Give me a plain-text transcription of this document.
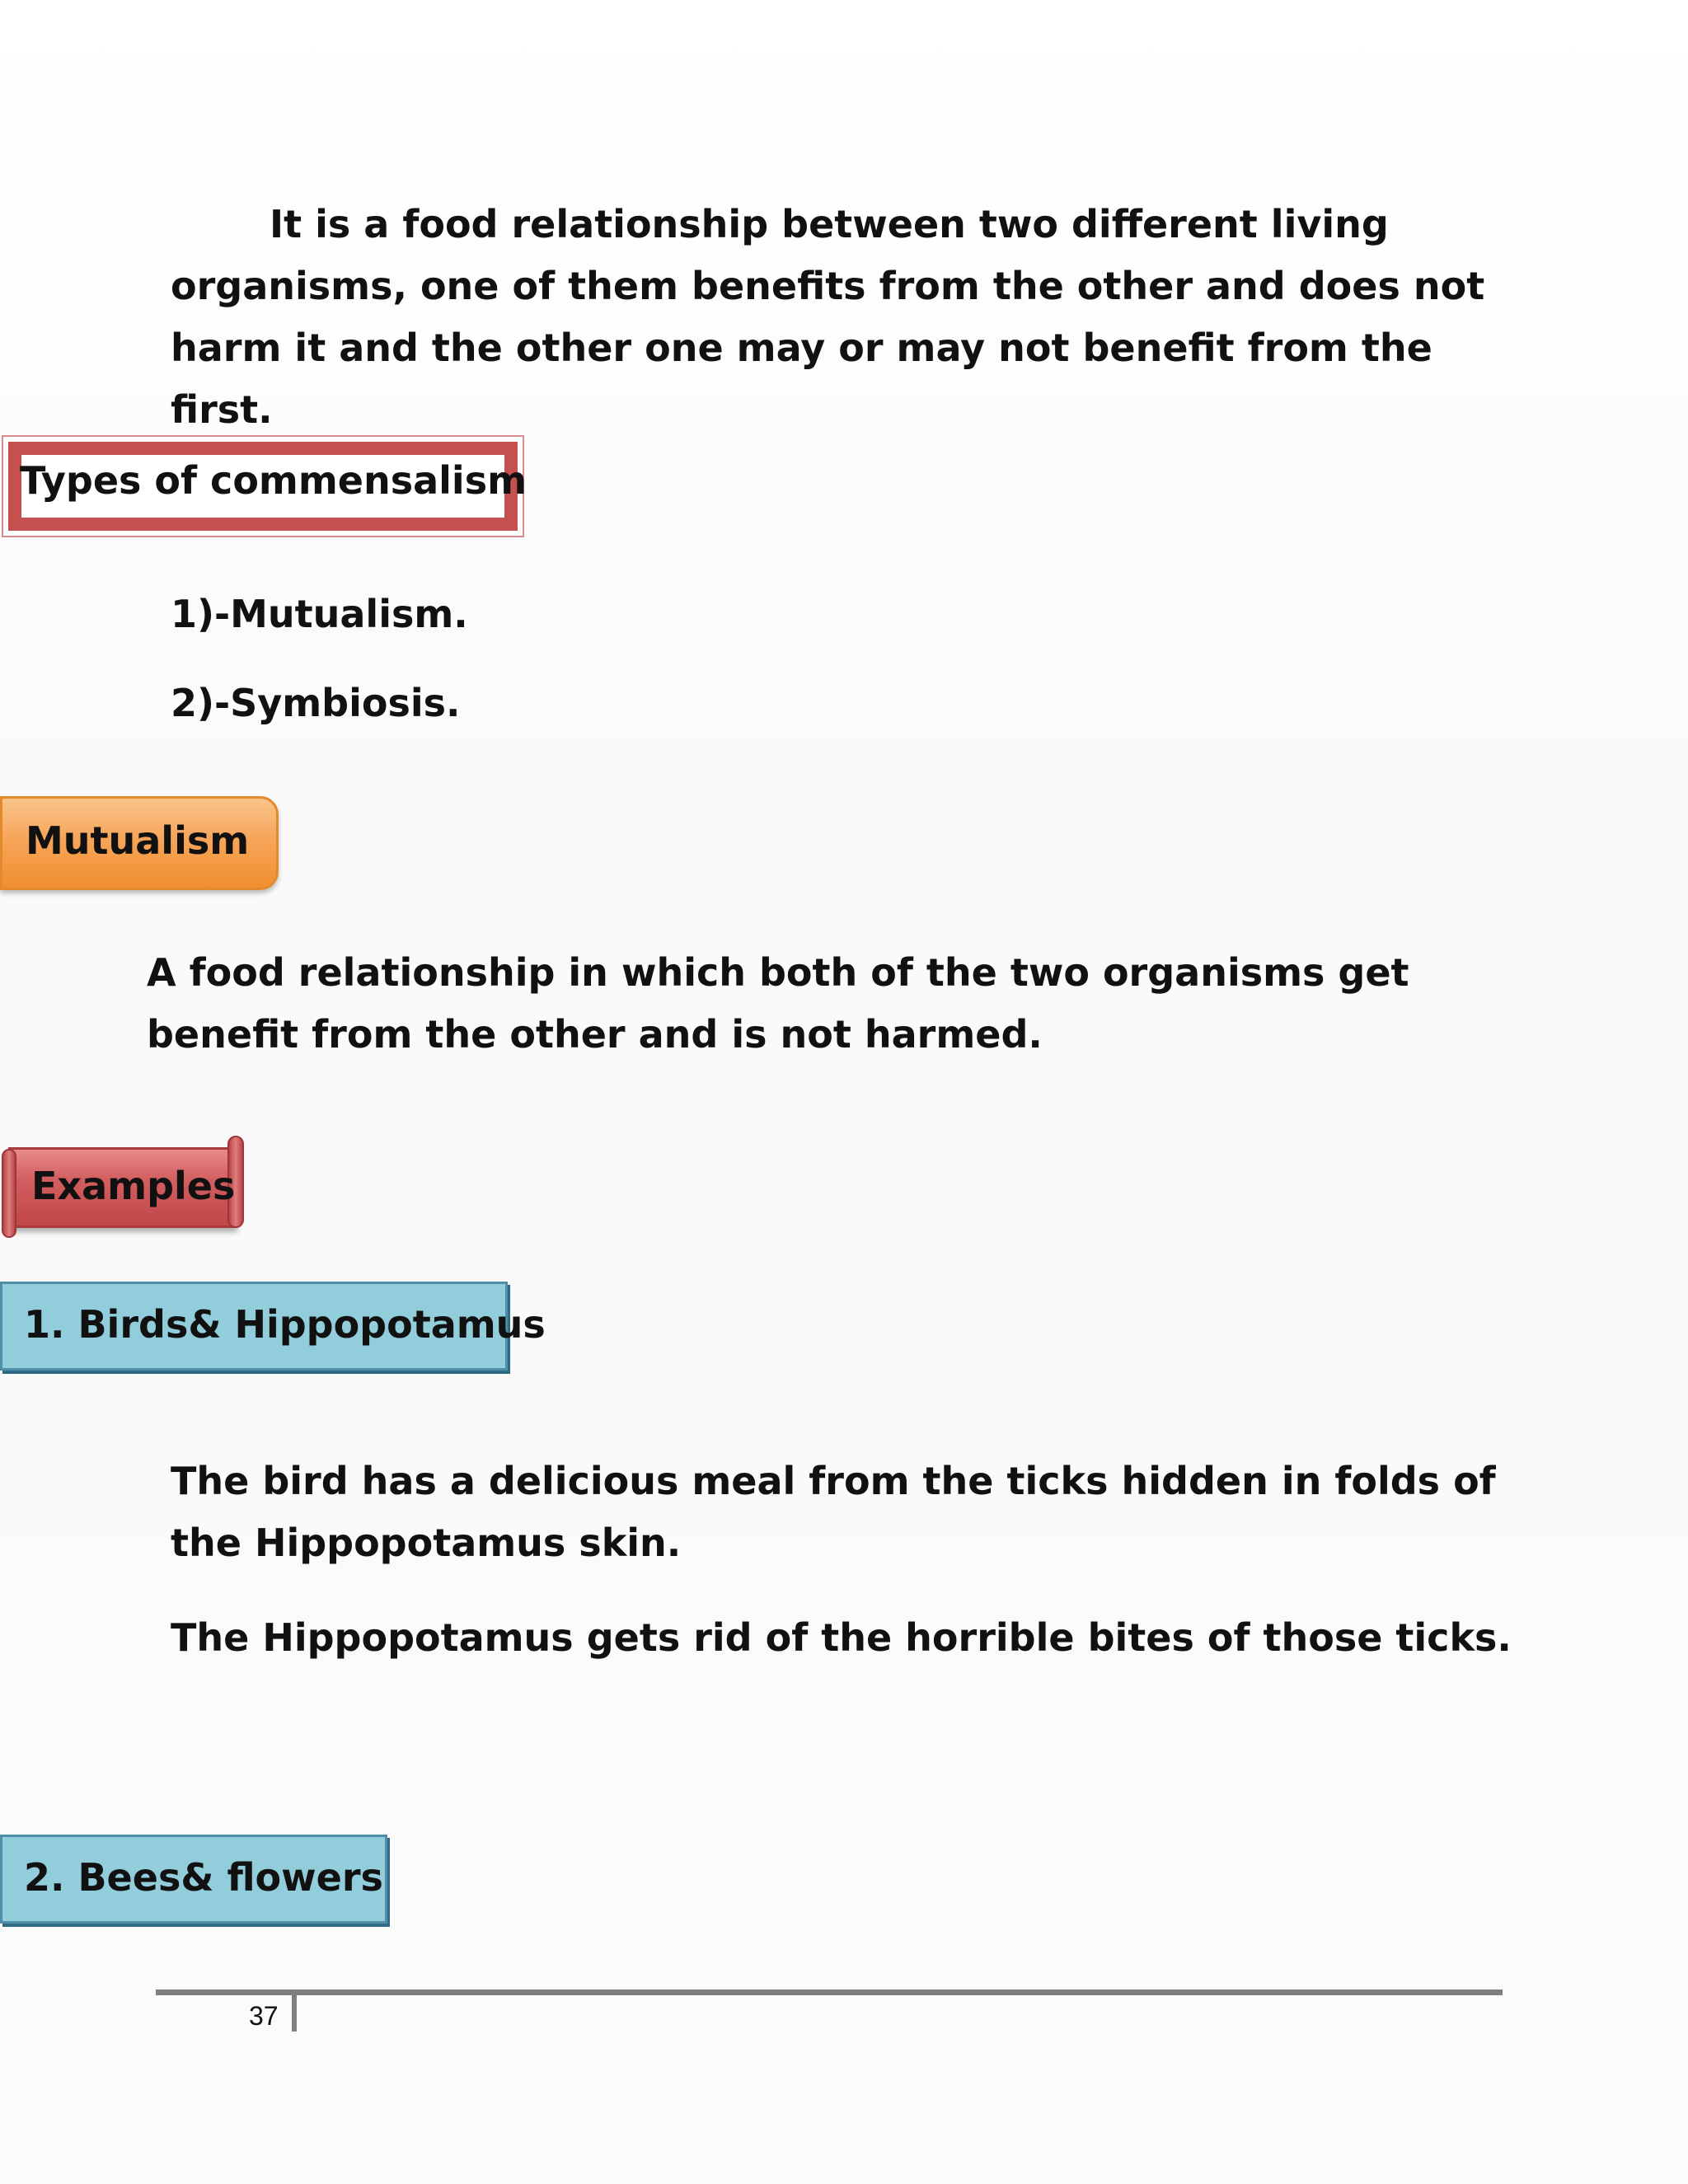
It is a food relationship between two different living organisms, one of them benefits from the other and does not harm it and the other one may or may not benefit from the first.

Types of commensalism

1)-Mutualism.

2)-Symbiosis.

Mutualism

A food relationship in which both of the two organisms get benefit from the other and is not harmed.

Examples
1. Birds& Hippopotamus

The bird has a delicious meal from the ticks hidden in folds of the Hippopotamus skin.

The Hippopotamus gets rid of the horrible bites of those ticks.

2. Bees& flowers
37
